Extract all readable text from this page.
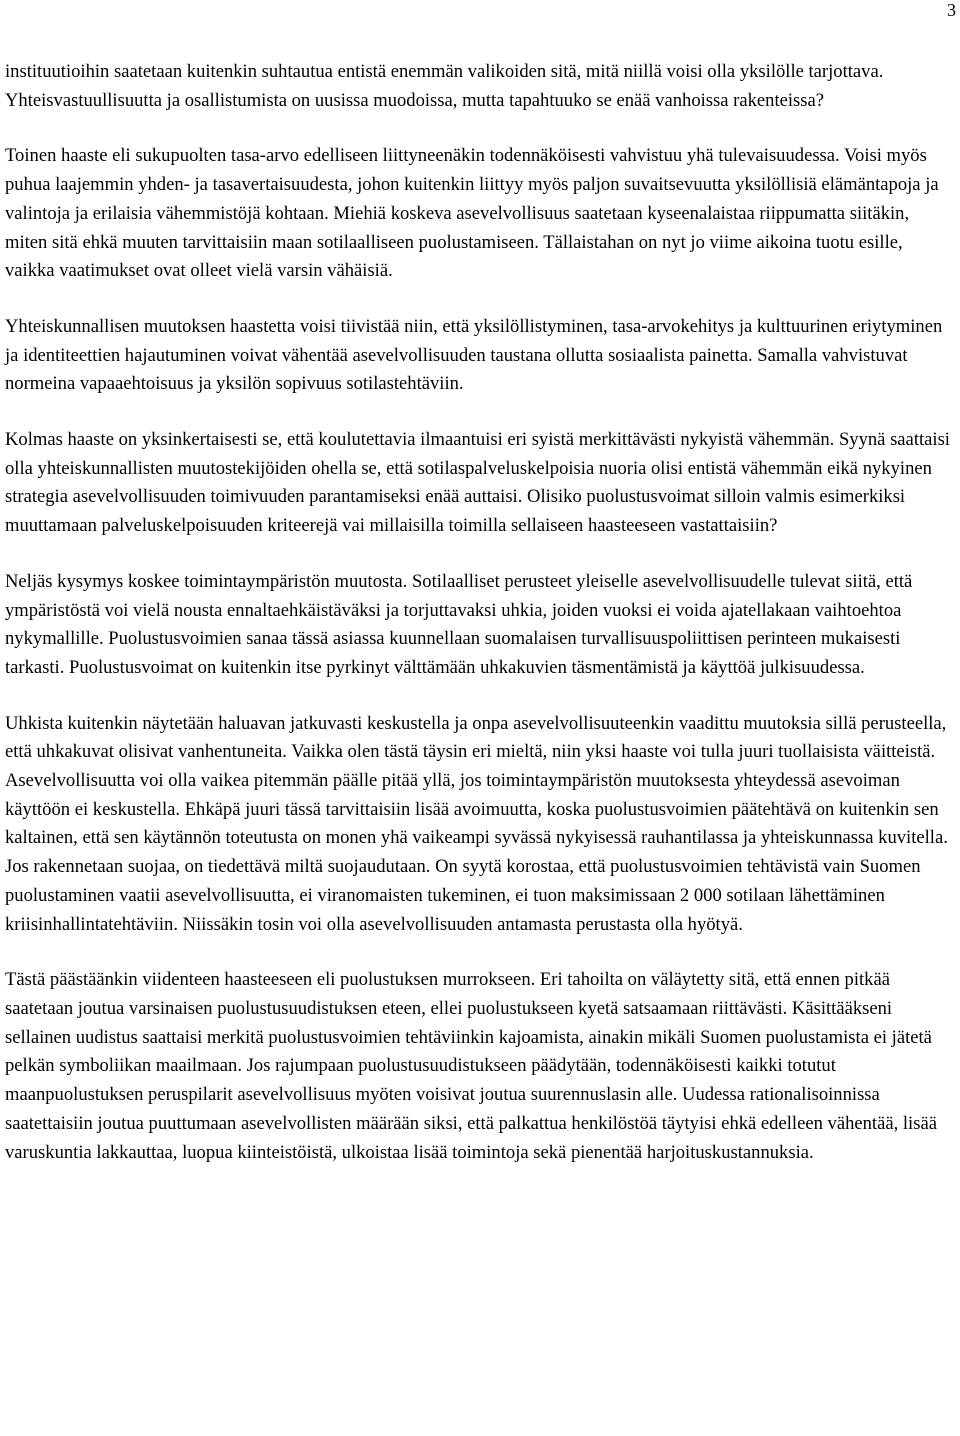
3

instituutioihin saatetaan kuitenkin suhtautua entistä enemmän valikoiden sitä, mitä niillä voisi olla yksilölle tarjottava. Yhteisvastuullisuutta ja osallistumista on uusissa muodoissa, mutta tapahtuuko se enää vanhoissa rakenteissa?

Toinen haaste eli sukupuolten tasa-arvo edelliseen liittyneenäkin todennäköisesti vahvistuu yhä tulevaisuudessa. Voisi myös puhua laajemmin yhden- ja tasavertaisuudesta, johon kuitenkin liittyy myös paljon suvaitsevuutta yksilöllisiä elämäntapoja ja valintoja ja erilaisia vähemmistöjä kohtaan. Miehiä koskeva asevelvollisuus saatetaan kyseenalaistaa riippumatta siitäkin, miten sitä ehkä muuten tarvittaisiin maan sotilaalliseen puolustamiseen. Tällaistahan on nyt jo viime aikoina tuotu esille, vaikka vaatimukset ovat olleet vielä varsin vähäisiä.

Yhteiskunnallisen muutoksen haastetta voisi tiivistää niin, että yksilöllistyminen, tasa-arvokehitys ja kulttuurinen eriytyminen ja identiteettien hajautuminen voivat vähentää asevelvollisuuden taustana ollutta sosiaalista painetta. Samalla vahvistuvat normeina vapaaehtoisuus ja yksilön sopivuus sotilastehtäviin.

Kolmas haaste on yksinkertaisesti se, että koulutettavia ilmaantuisi eri syistä merkittävästi nykyistä vähemmän. Syynä saattaisi olla yhteiskunnallisten muutostekijöiden ohella se, että sotilaspalveluskelpoisia nuoria olisi entistä vähemmän eikä nykyinen strategia asevelvollisuuden toimivuuden parantamiseksi enää auttaisi. Olisiko puolustusvoimat silloin valmis esimerkiksi muuttamaan palveluskelpoisuuden kriteerejä vai millaisilla toimilla sellaiseen haasteeseen vastattaisiin?

Neljäs kysymys koskee toimintaympäristön muutosta. Sotilaalliset perusteet yleiselle asevelvollisuudelle tulevat siitä, että ympäristöstä voi vielä nousta ennaltaehkäistäväksi ja torjuttavaksi uhkia, joiden vuoksi ei voida ajatellakaan vaihtoehtoa nykymallille. Puolustusvoimien sanaa tässä asiassa kuunnellaan suomalaisen turvallisuuspoliittisen perinteen mukaisesti tarkasti. Puolustusvoimat on kuitenkin itse pyrkinyt välttämään uhkakuvien täsmentämistä ja käyttöä julkisuudessa.

Uhkista kuitenkin näytetään haluavan jatkuvasti keskustella ja onpa asevelvollisuuteenkin vaadittu muutoksia sillä perusteella, että uhkakuvat olisivat vanhentuneita. Vaikka olen tästä täysin eri mieltä, niin yksi haaste voi tulla juuri tuollaisista väitteistä. Asevelvollisuutta voi olla vaikea pitemmän päälle pitää yllä, jos toimintaympäristön muutoksesta yhteydessä asevoiman käyttöön ei keskustella. Ehkäpä juuri tässä tarvittaisiin lisää avoimuutta, koska puolustusvoimien päätehtävä on kuitenkin sen kaltainen, että sen käytännön toteutusta on monen yhä vaikeampi syvässä nykyisessä rauhantilassa ja yhteiskunnassa kuvitella. Jos rakennetaan suojaa, on tiedettävä miltä suojaudutaan. On syytä korostaa, että puolustusvoimien tehtävistä vain Suomen puolustaminen vaatii asevelvollisuutta, ei viranomaisten tukeminen, ei tuon maksimissaan 2 000 sotilaan lähettäminen kriisinhallintatehtäviin. Niissäkin tosin voi olla asevelvollisuuden antamasta perustasta olla hyötyä.

Tästä päästäänkin viidenteen haasteeseen eli puolustuksen murrokseen. Eri tahoilta on väläytetty sitä, että ennen pitkää saatetaan joutua varsinaisen puolustusuudistuksen eteen, ellei puolustukseen kyetä satsaamaan riittävästi. Käsittääkseni sellainen uudistus saattaisi merkitä puolustusvoimien tehtäviinkin kajoamista, ainakin mikäli Suomen puolustamista ei jätetä pelkän symboliikan maailmaan. Jos rajumpaan puolustusuudistukseen päädytään, todennäköisesti kaikki totutut maanpuolustuksen peruspilarit asevelvollisuus myöten voisivat joutua suurennuslasin alle. Uudessa rationalisoinnissa saatettaisiin joutua puuttumaan asevelvollisten määrään siksi, että palkattua henkilöstöä täytyisi ehkä edelleen vähentää, lisää varuskuntia lakkauttaa, luopua kiinteistöistä, ulkoistaa lisää toimintoja sekä pienentää harjoituskustannuksia.
